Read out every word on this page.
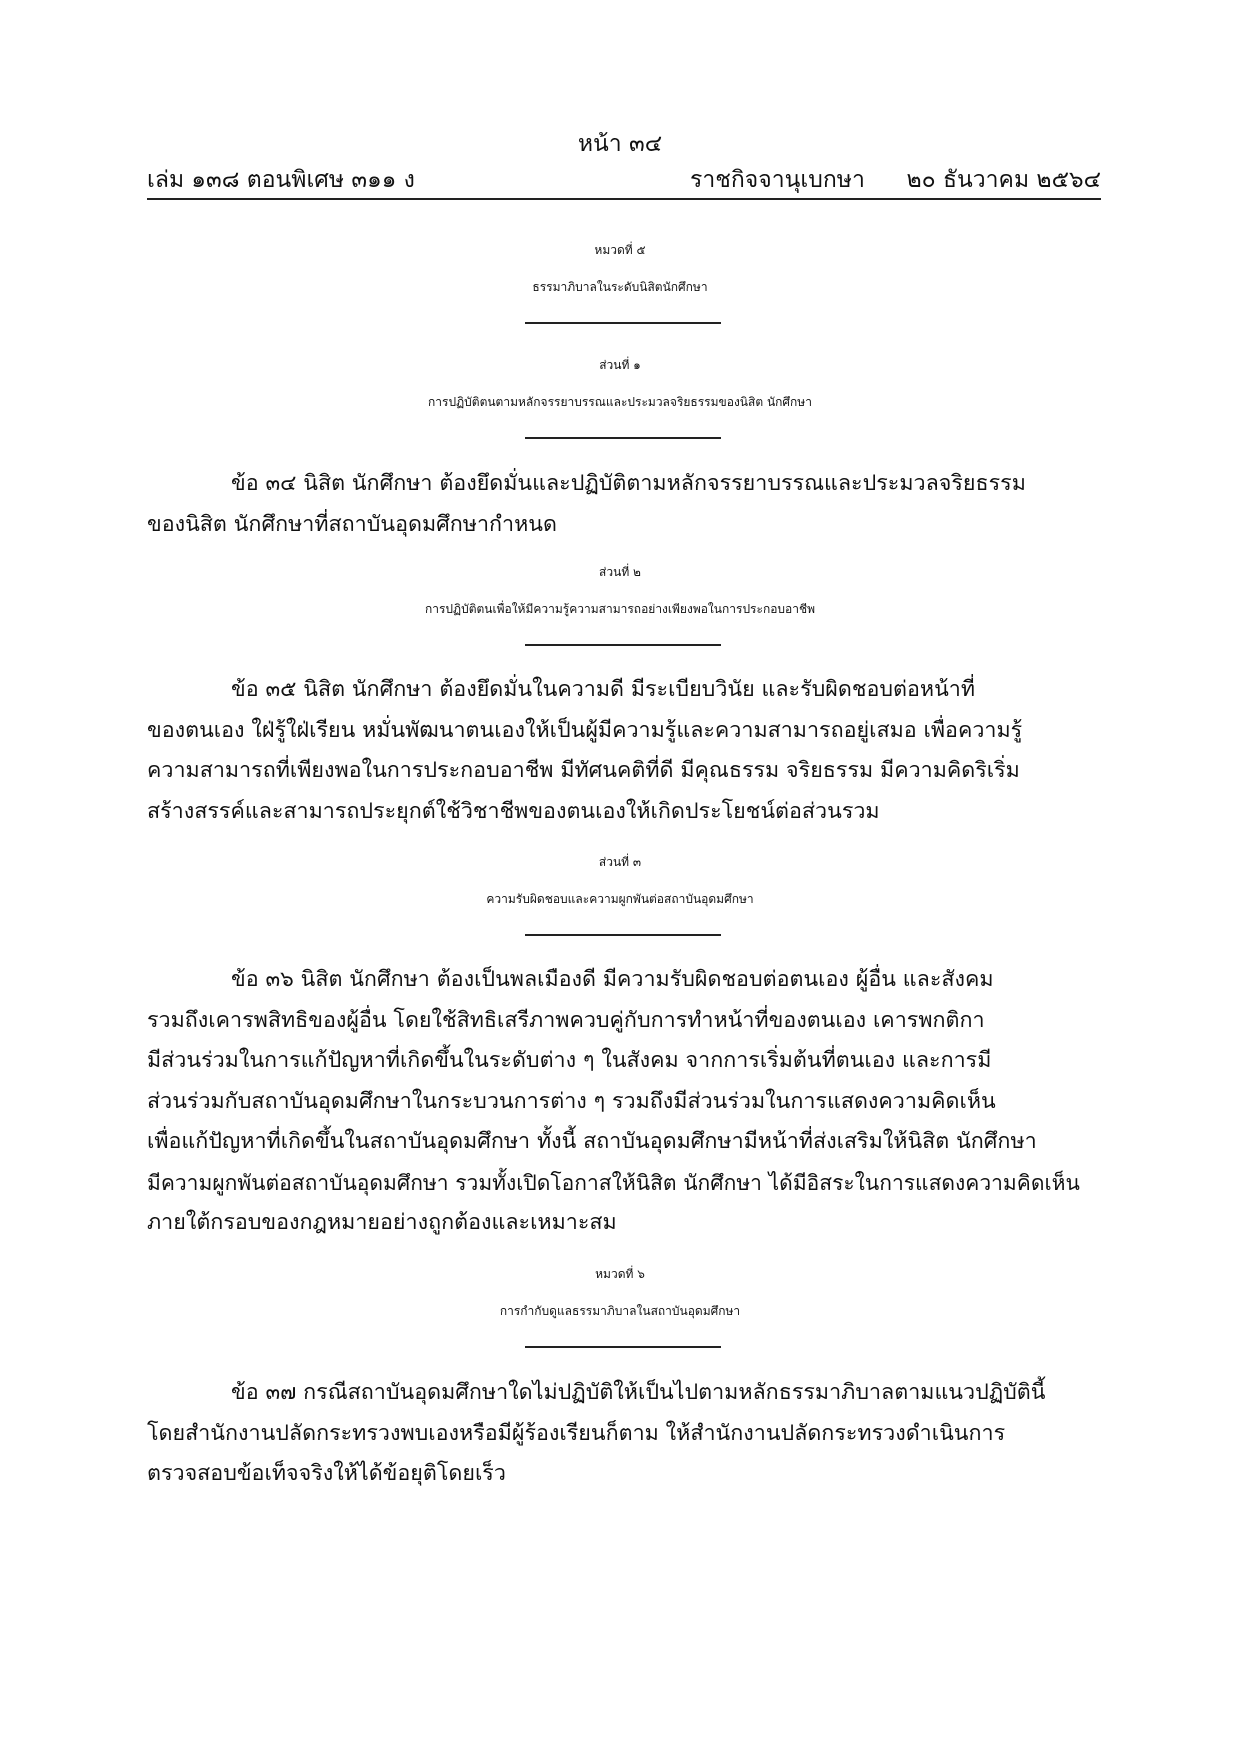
หน้า ๓๔
เล่ม ๑๓๘ ตอนพิเศษ ๓๑๑ ง	ราชกิจจานุเบกษา ๒๐ ธันวาคม ๒๕๖๔
หมวดที่ ๕
ธรรมาภิบาลในระดับนิสิตนักศึกษา
ส่วนที่ ๑
การปฏิบัติตนตามหลักจรรยาบรรณและประมวลจริยธรรมของนิสิต นักศึกษา
ข้อ ๓๔ นิสิต นักศึกษา ต้องยึดมั่นและปฏิบัติตามหลักจรรยาบรรณและประมวลจริยธรรม
ของนิสิต นักศึกษาที่สถาบันอุดมศึกษากำหนด
ส่วนที่ ๒
การปฏิบัติตนเพื่อให้มีความรู้ความสามารถอย่างเพียงพอในการประกอบอาชีพ
ข้อ ๓๕ นิสิต นักศึกษา ต้องยึดมั่นในความดี มีระเบียบวินัย และรับผิดชอบต่อหน้าที่
ของตนเอง ใฝ่รู้ใฝ่เรียน หมั่นพัฒนาตนเองให้เป็นผู้มีความรู้และความสามารถอยู่เสมอ เพื่อความรู้
ความสามารถที่เพียงพอในการประกอบอาชีพ มีทัศนคติที่ดี มีคุณธรรม จริยธรรม มีความคิดริเริ่ม
สร้างสรรค์และสามารถประยุกต์ใช้วิชาชีพของตนเองให้เกิดประโยชน์ต่อส่วนรวม
ส่วนที่ ๓
ความรับผิดชอบและความผูกพันต่อสถาบันอุดมศึกษา
ข้อ ๓๖ นิสิต นักศึกษา ต้องเป็นพลเมืองดี มีความรับผิดชอบต่อตนเอง ผู้อื่น และสังคม
รวมถึงเคารพสิทธิของผู้อื่น โดยใช้สิทธิเสรีภาพควบคู่กับการทำหน้าที่ของตนเอง เคารพกติกา
มีส่วนร่วมในการแก้ปัญหาที่เกิดขึ้นในระดับต่าง ๆ ในสังคม จากการเริ่มต้นที่ตนเอง และการมี
ส่วนร่วมกับสถาบันอุดมศึกษาในกระบวนการต่าง ๆ รวมถึงมีส่วนร่วมในการแสดงความคิดเห็น
เพื่อแก้ปัญหาที่เกิดขึ้นในสถาบันอุดมศึกษา ทั้งนี้ สถาบันอุดมศึกษามีหน้าที่ส่งเสริมให้นิสิต นักศึกษา
มีความผูกพันต่อสถาบันอุดมศึกษา รวมทั้งเปิดโอกาสให้นิสิต นักศึกษา ได้มีอิสระในการแสดงความคิดเห็น
ภายใต้กรอบของกฎหมายอย่างถูกต้องและเหมาะสม
หมวดที่ ๖
การกำกับดูแลธรรมาภิบาลในสถาบันอุดมศึกษา
ข้อ ๓๗ กรณีสถาบันอุดมศึกษาใดไม่ปฏิบัติให้เป็นไปตามหลักธรรมาภิบาลตามแนวปฏิบัตินี้
โดยสำนักงานปลัดกระทรวงพบเองหรือมีผู้ร้องเรียนก็ตาม ให้สำนักงานปลัดกระทรวงดำเนินการ
ตรวจสอบข้อเท็จจริงให้ได้ข้อยุติโดยเร็ว
